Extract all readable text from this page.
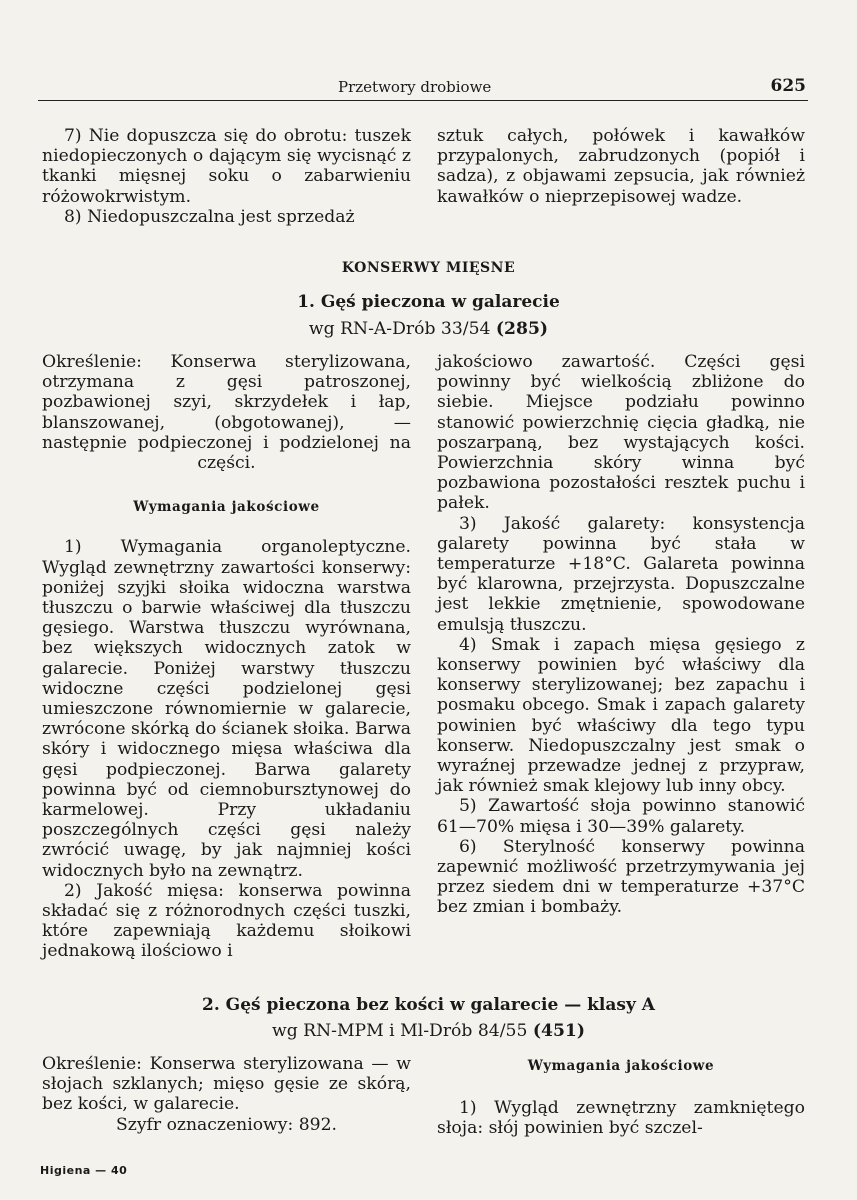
Przetwory drobiowe	625

7) Nie dopuszcza się do obrotu: tuszek niedopieczonych o dającym się wycisnąć z tkanki mięsnej soku o zabarwieniu różowokrwistym.

8) Niedopuszczalna jest sprzedaż

sztuk całych, połówek i kawałków przypalonych, zabrudzonych (popiół i sadza), z objawami zepsucia, jak również kawałków o nieprzepisowej wadze.

KONSERWY MIĘSNE
1. Gęś pieczona w galarecie
wg RN-A-Drób 33/54 (285)

Określenie: Konserwa sterylizowana, otrzymana z gęsi patroszonej, pozbawionej szyi, skrzydełek i łap, blanszowanej, (obgotowanej), — następnie podpieczonej i podzielonej na części.

Wymagania jakościowe

1) Wymagania organoleptyczne. Wygląd zewnętrzny zawartości konserwy: poniżej szyjki słoika widoczna warstwa tłuszczu o barwie właściwej dla tłuszczu gęsiego. Warstwa tłuszczu wyrównana, bez większych widocznych zatok w galarecie. Poniżej warstwy tłuszczu widoczne części podzielonej gęsi umieszczone równomiernie w galarecie, zwrócone skórką do ścianek słoika. Barwa skóry i widocznego mięsa właściwa dla gęsi podpieczonej. Barwa galarety powinna być od ciemnobursztynowej do karmelowej. Przy układaniu poszczególnych części gęsi należy zwrócić uwagę, by jak najmniej kości widocznych było na zewnątrz.

2) Jakość mięsa: konserwa powinna składać się z różnorodnych części tuszki, które zapewniają każdemu słoikowi jednakową ilościowo i

jakościowo zawartość. Części gęsi powinny być wielkością zbliżone do siebie. Miejsce podziału powinno stanowić powierzchnię cięcia gładką, nie poszarpaną, bez wystających kości. Powierzchnia skóry winna być pozbawiona pozostałości resztek puchu i pałek.

3) Jakość galarety: konsystencja galarety powinna być stała w temperaturze +18°C. Galareta powinna być klarowna, przejrzysta. Dopuszczalne jest lekkie zmętnienie, spowodowane emulsją tłuszczu.

4) Smak i zapach mięsa gęsiego z konserwy powinien być właściwy dla konserwy sterylizowanej; bez zapachu i posmaku obcego. Smak i zapach galarety powinien być właściwy dla tego typu konserw. Niedopuszczalny jest smak o wyraźnej przewadze jednej z przypraw, jak również smak klejowy lub inny obcy.

5) Zawartość słoja powinno stanowić 61—70% mięsa i 30—39% galarety.

6) Sterylność konserwy powinna zapewnić możliwość przetrzymywania jej przez siedem dni w temperaturze +37°C bez zmian i bombaży.

2. Gęś pieczona bez kości w galarecie — klasy A
wg RN-MPM i Ml-Drób 84/55 (451)

Określenie: Konserwa sterylizowana — w słojach szklanych; mięso gęsie ze skórą, bez kości, w galarecie.

Szyfr oznaczeniowy: 892.

Wymagania jakościowe

1) Wygląd zewnętrzny zamkniętego słoja: słój powinien być szczel-

Higiena — 40
